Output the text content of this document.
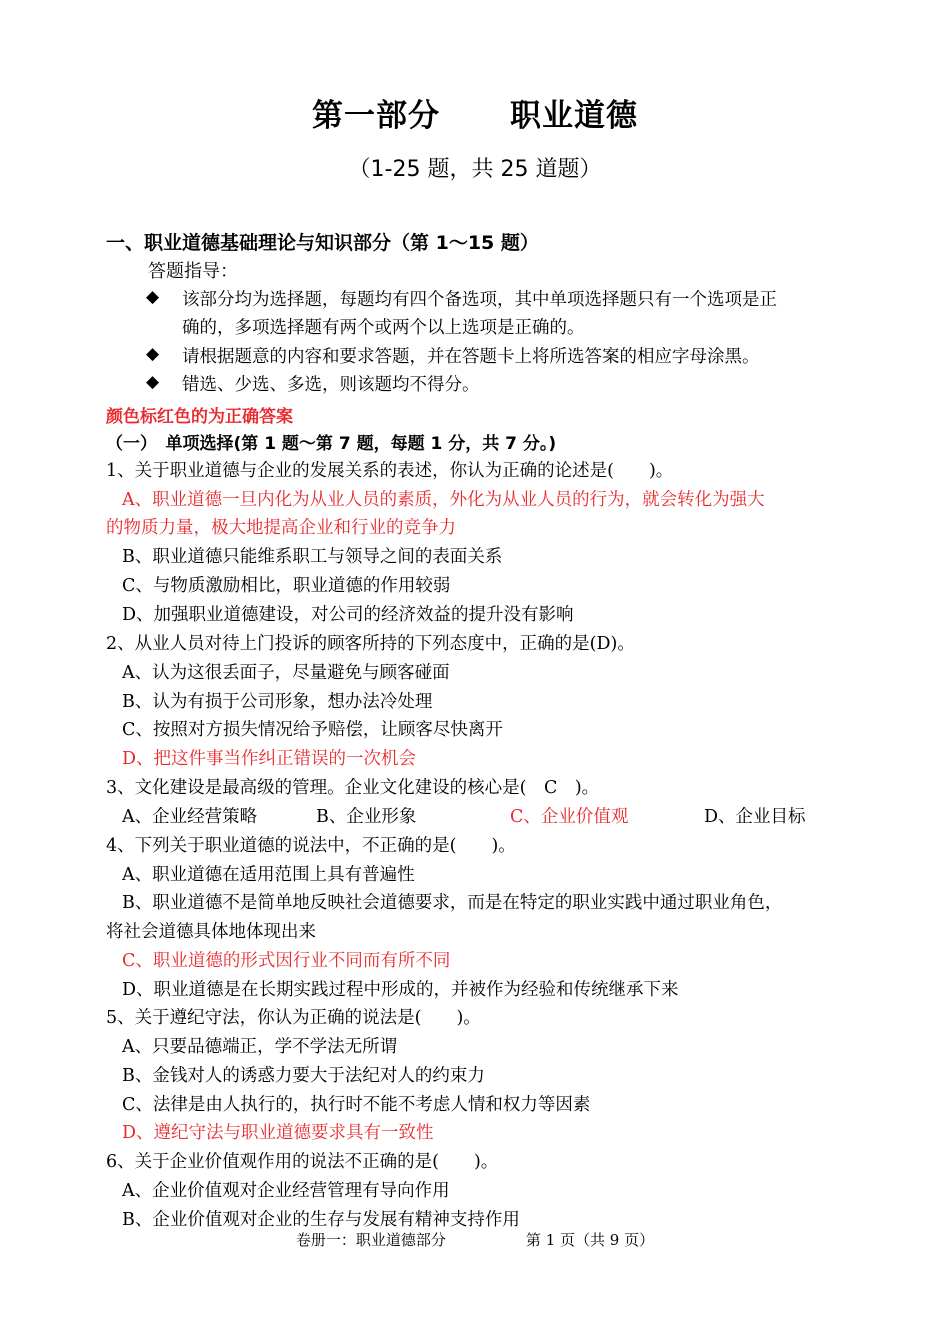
第一部分 职业道德
（1-25 题，共 25 道题）
一、职业道德基础理论与知识部分（第 1～15 题）
答题指导：
◆ 该部分均为选择题，每题均有四个备选项，其中单项选择题只有一个选项是正
确的，多项选择题有两个或两个以上选项是正确的。
◆ 请根据题意的内容和要求答题，并在答题卡上将所选答案的相应字母涂黑。
◆ 错选、少选、多选，则该题均不得分。
颜色标红色的为正确答案
（一）　单项选择(第 1 题～第 7 题，每题 1 分，共 7 分。)
1、关于职业道德与企业的发展关系的表述，你认为正确的论述是(　　)。
A、职业道德一旦内化为从业人员的素质，外化为从业人员的行为，就会转化为强大
的物质力量，极大地提高企业和行业的竞争力
B、职业道德只能维系职工与领导之间的表面关系
C、与物质激励相比，职业道德的作用较弱
D、加强职业道德建设，对公司的经济效益的提升没有影响
2、从业人员对待上门投诉的顾客所持的下列态度中，正确的是(D)。
A、认为这很丢面子，尽量避免与顾客碰面
B、认为有损于公司形象，想办法冷处理
C、按照对方损失情况给予赔偿，让顾客尽快离开
D、把这件事当作纠正错误的一次机会
3、文化建设是最高级的管理。企业文化建设的核心是(　C　)。
A、企业经营策略	B、企业形象	C、企业价值观	D、企业目标
4、下列关于职业道德的说法中，不正确的是(　　)。
A、职业道德在适用范围上具有普遍性
B、职业道德不是简单地反映社会道德要求，而是在特定的职业实践中通过职业角色，
将社会道德具体地体现出来
C、职业道德的形式因行业不同而有所不同
D、职业道德是在长期实践过程中形成的，并被作为经验和传统继承下来
5、关于遵纪守法，你认为正确的说法是(　　)。
A、只要品德端正，学不学法无所谓
B、金钱对人的诱惑力要大于法纪对人的约束力
C、法律是由人执行的，执行时不能不考虑人情和权力等因素
D、遵纪守法与职业道德要求具有一致性
6、关于企业价值观作用的说法不正确的是(　　)。
A、企业价值观对企业经营管理有导向作用
B、企业价值观对企业的生存与发展有精神支持作用
卷册一：职业道德部分	第 1 页（共 9 页）
